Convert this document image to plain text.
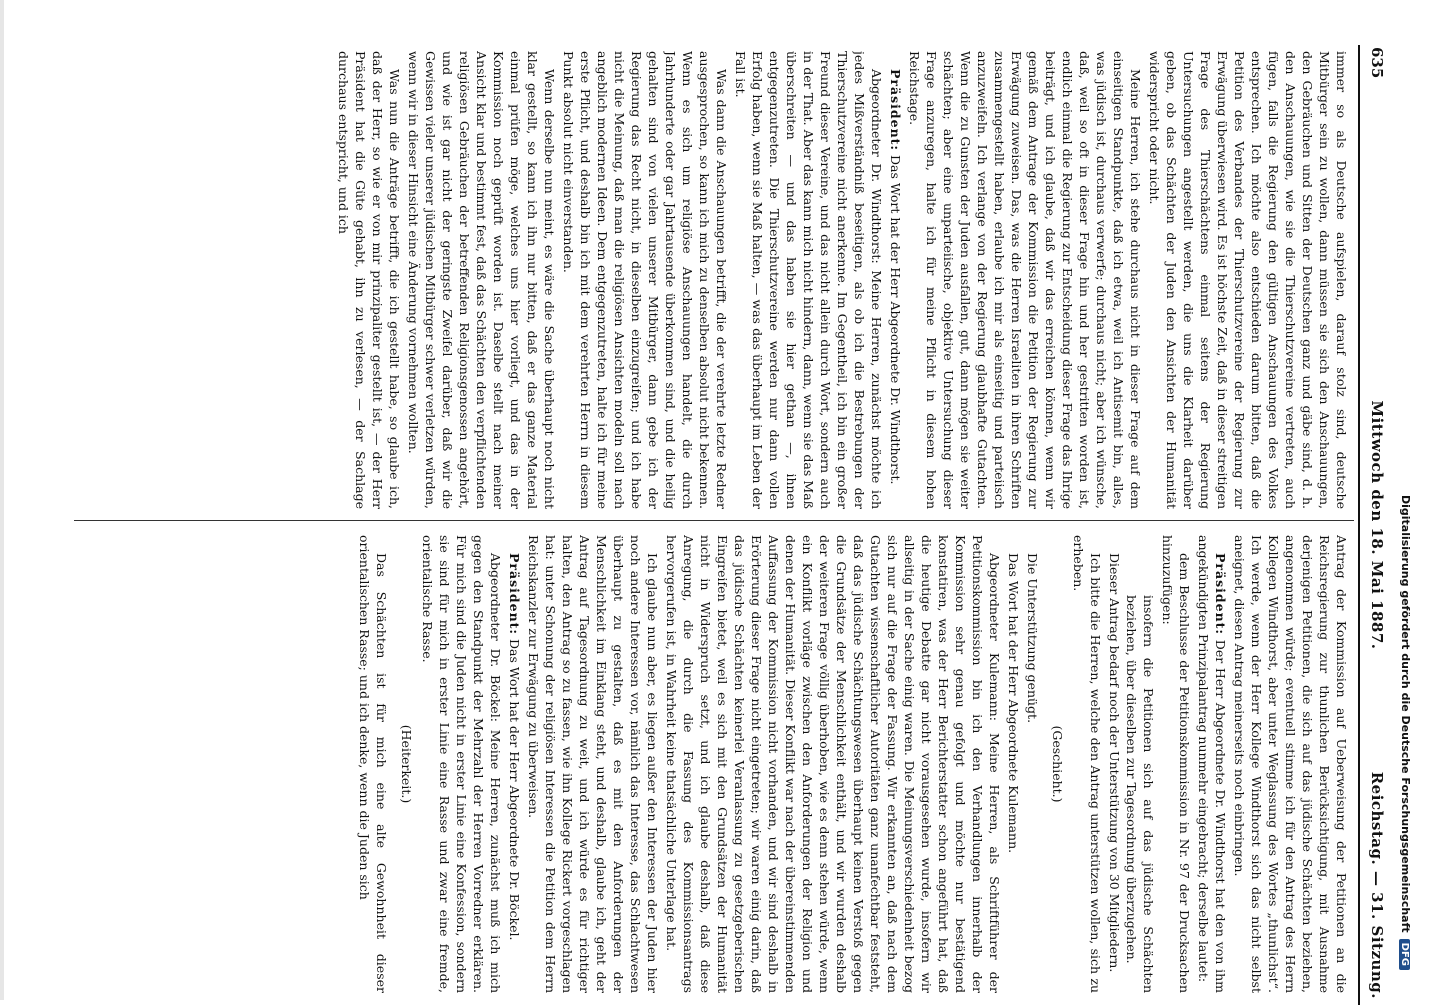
635
Mittwoch den 18. Mai 1887.
Reichstag. — 31. Sitzung.

immer so als Deutsche aufspielen, darauf stolz sind, deutsche Mitbürger sein zu wollen, dann müssen sie sich den Anschauungen, den Gebräuchen und Sitten der Deutschen ganz und gäbe sind, d. h. den Anschauungen, wie sie die Thierschutzvereine vertreten, auch fügen, falls die Regierung den gültigen Anschauungen des Volkes entsprechen. Ich möchte also entschieden darum bitten, daß die Petition des Verbandes der Thierschutzvereine der Regierung zur Erwägung überwiesen wird. Es ist höchste Zeit, daß in dieser streitigen Frage des Thierschächtens einmal seitens der Regierung Untersuchungen angestellt werden, die uns die Klarheit darüber geben, ob das Schächten der Juden den Ansichten der Humanität widerspricht oder nicht.

Meine Herren, ich stehe durchaus nicht in dieser Frage auf dem einseitigen Standpunkte, daß ich etwa, weil ich Antisemit bin, alles, was jüdisch ist, durchaus verwerfe; durchaus nicht; aber ich wünsche, daß, weil so oft in dieser Frage hin und her gestritten worden ist, endlich einmal die Regierung zur Entscheidung dieser Frage das Ihrige beiträgt, und ich glaube, daß wir das erreichen können, wenn wir gemäß dem Antrage der Kommission die Petition der Regierung zur Erwägung zuweisen. Das, was die Herren Israeliten in ihren Schriften zusammengestellt haben, erlaube ich mir als einseitig und parteiisch anzuzweifeln. Ich verlange von der Regierung glaubhafte Gutachten. Wenn die zu Gunsten der Juden ausfallen, gut, dann mögen sie weiter schächten; aber eine unparteiische, objektive Untersuchung dieser Frage anzuregen, halte ich für meine Pflicht in diesem hohen Reichstage.

Präsident: Das Wort hat der Herr Abgeordnete Dr. Windthorst.

Abgeordneter Dr. Windthorst: Meine Herren, zunächst möchte ich jedes Mißverständniß beseitigen, als ob ich die Bestrebungen der Thierschutzvereine nicht anerkenne. Im Gegentheil, ich bin ein großer Freund dieser Vereine, und das nicht allein durch Wort, sondern auch in der That. Aber das kann mich nicht hindern, dann, wenn sie das Maß überschreiten — und das haben sie hier gethan —, ihnen entgegenzutreten. Die Thierschutzvereine werden nur dann vollen Erfolg haben, wenn sie Maß halten, — was das überhaupt im Leben der Fall ist.

Was dann die Anschauungen betrifft, die der verehrte letzte Redner ausgesprochen, so kann ich mich zu denselben absolut nicht bekennen. Wenn es sich um religiöse Anschauungen handelt, die durch Jahrhunderte oder gar Jahrtausende überkommen sind, und die heilig gehalten sind von vielen unserer Mitbürger, dann gebe ich der Regierung das Recht nicht, in dieselben einzugreifen; und ich habe nicht die Meinung, daß man die religiösen Ansichten modeln soll nach angeblich modernen Ideen. Dem entgegenzutreten, halte ich für meine erste Pflicht, und deshalb bin ich mit dem verehrten Herrn in diesem Punkt absolut nicht einverstanden.

Wenn derselbe nun meint, es wäre die Sache überhaupt noch nicht klar gestellt, so kann ich ihn nur bitten, daß er das ganze Material einmal prüfen möge, welches uns hier vorliegt, und das in der Kommission noch geprüft worden ist. Daselbe stellt nach meiner Ansicht klar und bestimmt fest, daß das Schächten den verpflichtenden religiösen Gebräuchen der betreffenden Religionsgenossen angehört, und wie ist gar nicht der geringste Zweifel darüber, daß wir die Gewissen vieler unserer jüdischen Mitbürger schwer verletzen würden, wenn wir in dieser Hinsicht eine Änderung vornehmen wollten.

Was nun die Anträge betrifft, die ich gestellt habe, so glaube ich, daß der Herr, so wie er von mir prinzipaliter gestellt ist, — der Herr Präsident hat die Güte gehabt, ihn zu verlesen, — der Sachlage durchaus entspricht, und ich

Antrag der Kommission auf Ueberweisung der Petitionen an die Reichsregierung zur thunlichen Berücksichtigung, mit Ausnahme derjenigen Petitionen, die sich auf das jüdische Schächten beziehen, angenommen würde; eventuell stimme ich für den Antrag des Herrn Kollegen Windthorst, aber unter Weglassung des Wortes „thunlichst“. Ich werde, wenn der Herr Kollege Windthorst sich das nicht selbst aneignet, diesen Antrag meinerseits noch einbringen.

Präsident: Der Herr Abgeordnete Dr. Windthorst hat den von ihm angekündigten Prinzipalantrag nunmehr eingebracht; derselbe lautet:

dem Beschlusse der Petitionskommission in Nr. 97 der Drucksachen hinzuzufügen:

insofern die Petitionen sich auf das jüdische Schächten beziehen, über dieselben zur Tagesordnung überzugehen.

Dieser Antrag bedarf noch der Unterstützung von 30 Mitgliedern.

Ich bitte die Herren, welche den Antrag unterstützen wollen, sich zu erheben.

(Geschieht.)

Die Unterstützung genügt.

Das Wort hat der Herr Abgeordnete Kulemann.

Abgeordneter Kulemann: Meine Herren, als Schriftführer der Petitionskommission bin ich den Verhandlungen innerhalb der Kommission sehr genau gefolgt und möchte nur bestätigend konstatiren, was der Herr Berichterstatter schon angeführt hat, daß die heutige Debatte gar nicht vorausgesehen wurde, insofern wir allseitig in der Sache einig waren. Die Meinungsverschiedenheit bezog sich nur auf die Frage der Fassung. Wir erkannten an, daß nach dem Gutachten wissenschaftlicher Autoritäten ganz unanfechtbar feststeht, daß das jüdische Schächtungswesen überhaupt keinen Verstoß gegen die Grundsätze der Menschlichkeit enthält, und wir wurden deshalb der weiteren Frage völlig überhoben, wie es denn stehen würde, wenn ein Konflikt vorläge zwischen den Anforderungen der Religion und denen der Humanität. Dieser Konflikt war nach der übereinstimmenden Auffassung der Kommission nicht vorhanden, und wir sind deshalb in Erörterung dieser Frage nicht eingetreten; wir waren einig darin, daß das jüdische Schächten keinerlei Veranlassung zu gesetzgeberischen Eingreifen bietet, weil es sich mit den Grundsätzen der Humanität nicht in Widerspruch setzt, und ich glaube deshalb, daß diese Anregung, die durch die Fassung des Kommissionsantrags hervorgerufen ist, in Wahrheit keine thatsächliche Unterlage hat.

Ich glaube nun aber, es liegen außer den Interessen der Juden hier noch andere Interessen vor, nämlich das Interesse, das Schlachtwesen überhaupt zu gestalten, daß es mit den Anforderungen der Menschlichkeit im Einklang steht, und deshalb, glaube ich, geht der Antrag auf Tagesordnung zu weit, und ich würde es für richtiger halten, den Antrag so zu fassen, wie ihn Kollege Rickert vorgeschlagen hat: unter Schonung der religiösen Interessen die Petition dem Herrn Reichskanzler zur Erwägung zu überweisen.

Präsident: Das Wort hat der Herr Abgeordnete Dr. Böckel.

Abgeordneter Dr. Böckel: Meine Herren, zunächst muß ich mich gegen den Standpunkt der Mehrzahl der Herren Vorredner erklären. Für mich sind die Juden nicht in erster Linie eine Konfession, sondern sie sind für mich in erster Linie eine Rasse und zwar eine fremde, orientalische Rasse.

(Heiterkeit.)

Das Schächten ist für mich eine alte Gewohnheit dieser orientalischen Rasse; und ich denke, wenn die Juden sich	Digitalisierung gefördert durch die Deutsche ForschungsgemeinschaftDFG
